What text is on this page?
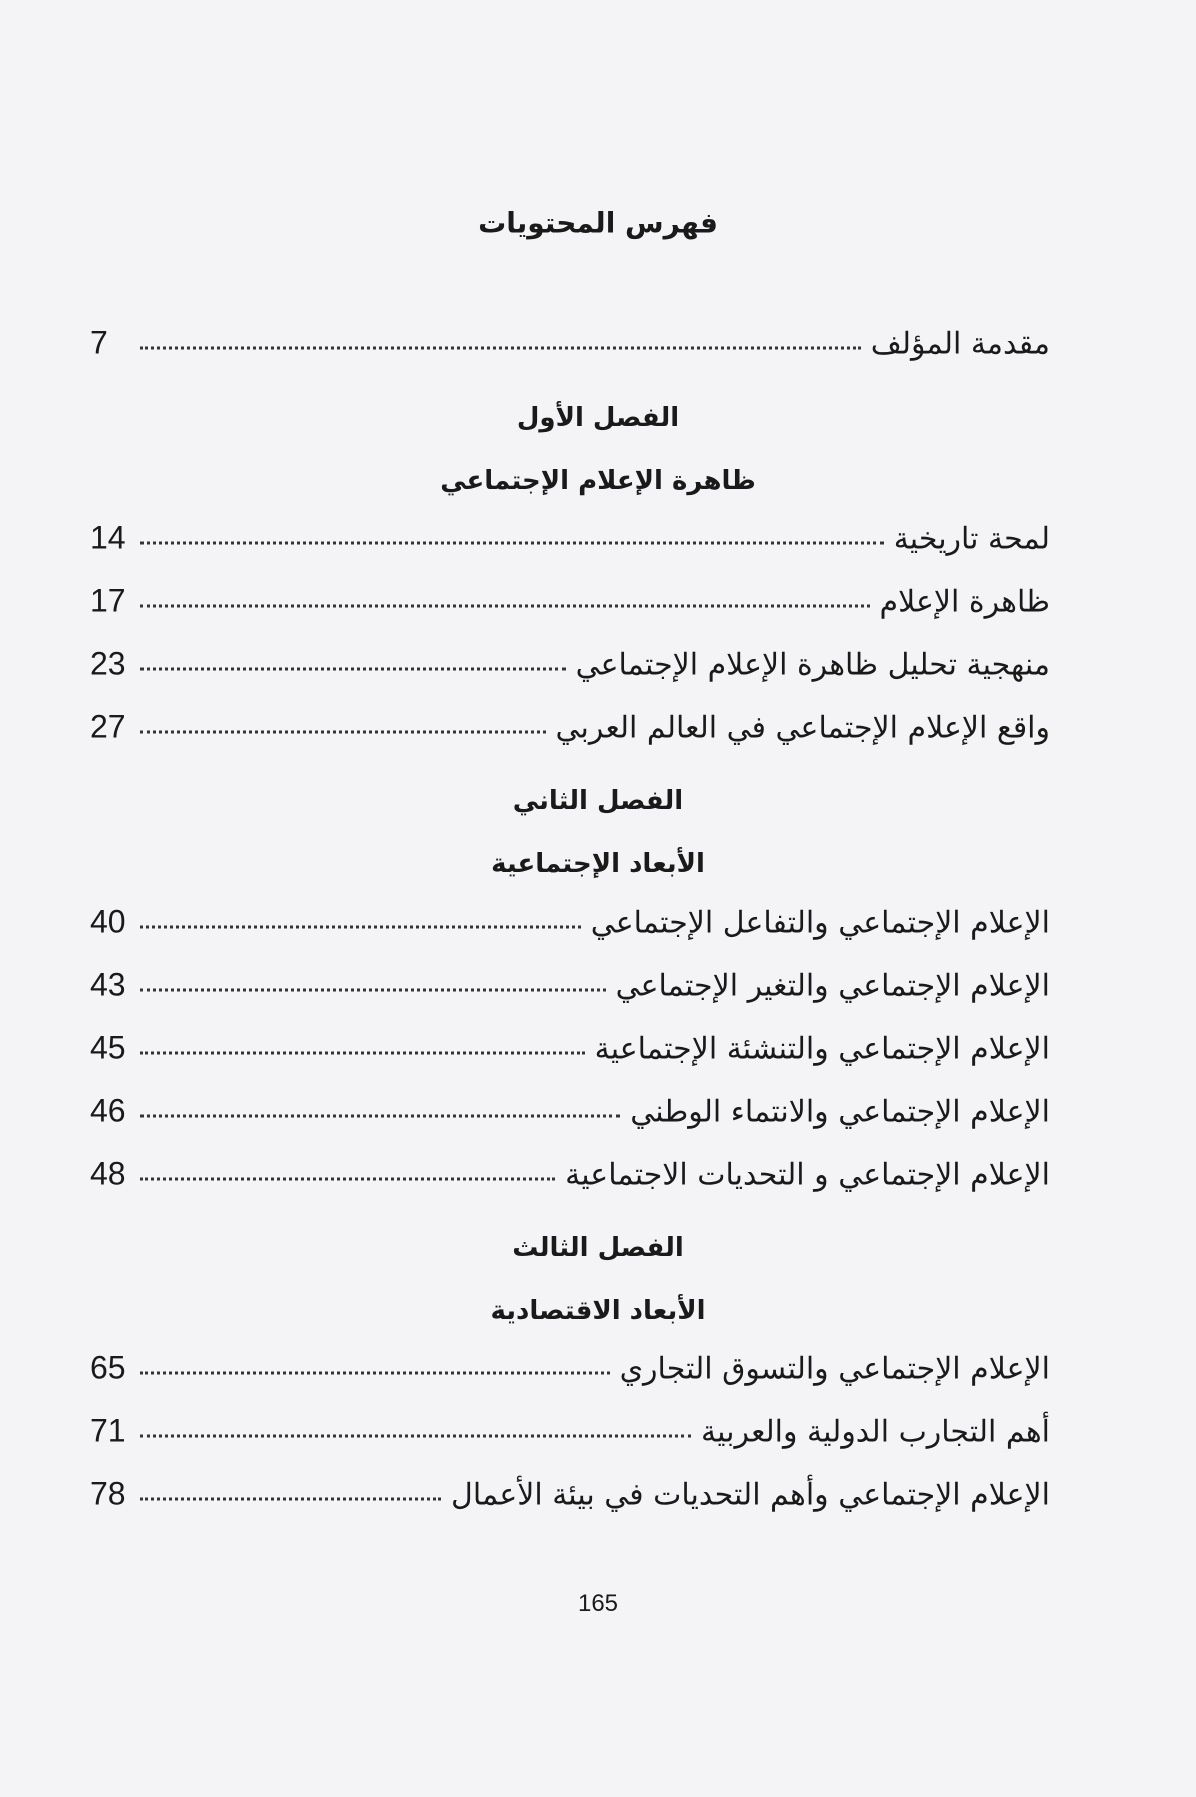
فهرس المحتويات
مقدمة المؤلف
7
الفصل الأول
ظاهرة الإعلام الإجتماعي
لمحة تاريخية
14
ظاهرة الإعلام
17
منهجية تحليل ظاهرة الإعلام الإجتماعي
23
واقع الإعلام الإجتماعي في العالم العربي
27
الفصل الثاني
الأبعاد الإجتماعية
الإعلام الإجتماعي والتفاعل الإجتماعي
40
الإعلام الإجتماعي والتغير الإجتماعي
43
الإعلام الإجتماعي والتنشئة الإجتماعية
45
الإعلام الإجتماعي والانتماء الوطني
46
الإعلام الإجتماعي و التحديات الاجتماعية
48
الفصل الثالث
الأبعاد الاقتصادية
الإعلام الإجتماعي والتسوق التجاري
65
أهم التجارب الدولية والعربية
71
الإعلام الإجتماعي وأهم التحديات في بيئة الأعمال
78
165
